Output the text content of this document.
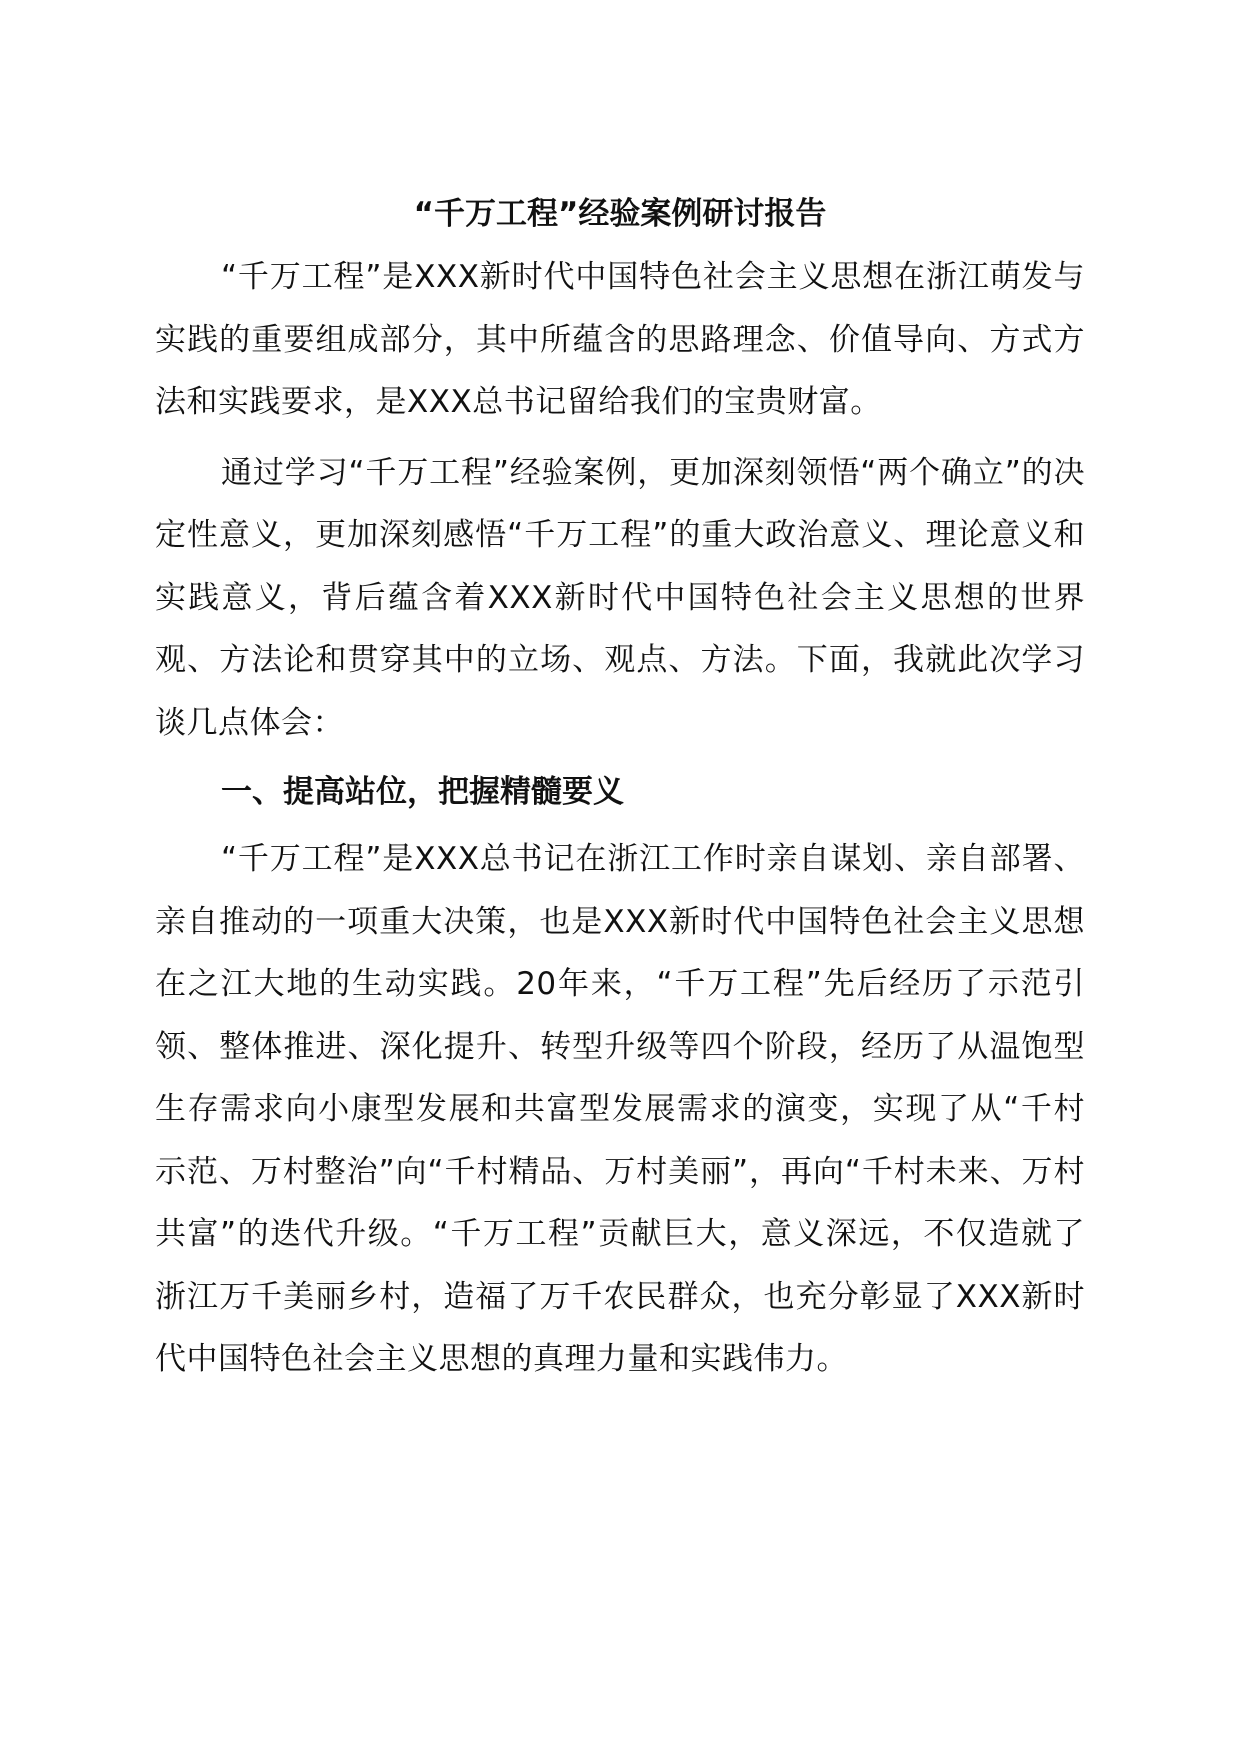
“千万工程”经验案例研讨报告

“千万工程”是XXX新时代中国特色社会主义思想在浙江萌发与实践的重要组成部分，其中所蕴含的思路理念、价值导向、方式方法和实践要求，是XXX总书记留给我们的宝贵财富。

通过学习“千万工程”经验案例，更加深刻领悟“两个确立”的决定性意义，更加深刻感悟“千万工程”的重大政治意义、理论意义和实践意义，背后蕴含着XXX新时代中国特色社会主义思想的世界观、方法论和贯穿其中的立场、观点、方法。下面，我就此次学习谈几点体会：

一、提高站位，把握精髓要义

“千万工程”是XXX总书记在浙江工作时亲自谋划、亲自部署、亲自推动的一项重大决策，也是XXX新时代中国特色社会主义思想在之江大地的生动实践。20年来，“千万工程”先后经历了示范引领、整体推进、深化提升、转型升级等四个阶段，经历了从温饱型生存需求向小康型发展和共富型发展需求的演变，实现了从“千村示范、万村整治”向“千村精品、万村美丽”，再向“千村未来、万村共富”的迭代升级。“千万工程”贡献巨大，意义深远，不仅造就了浙江万千美丽乡村，造福了万千农民群众，也充分彰显了XXX新时代中国特色社会主义思想的真理力量和实践伟力。
